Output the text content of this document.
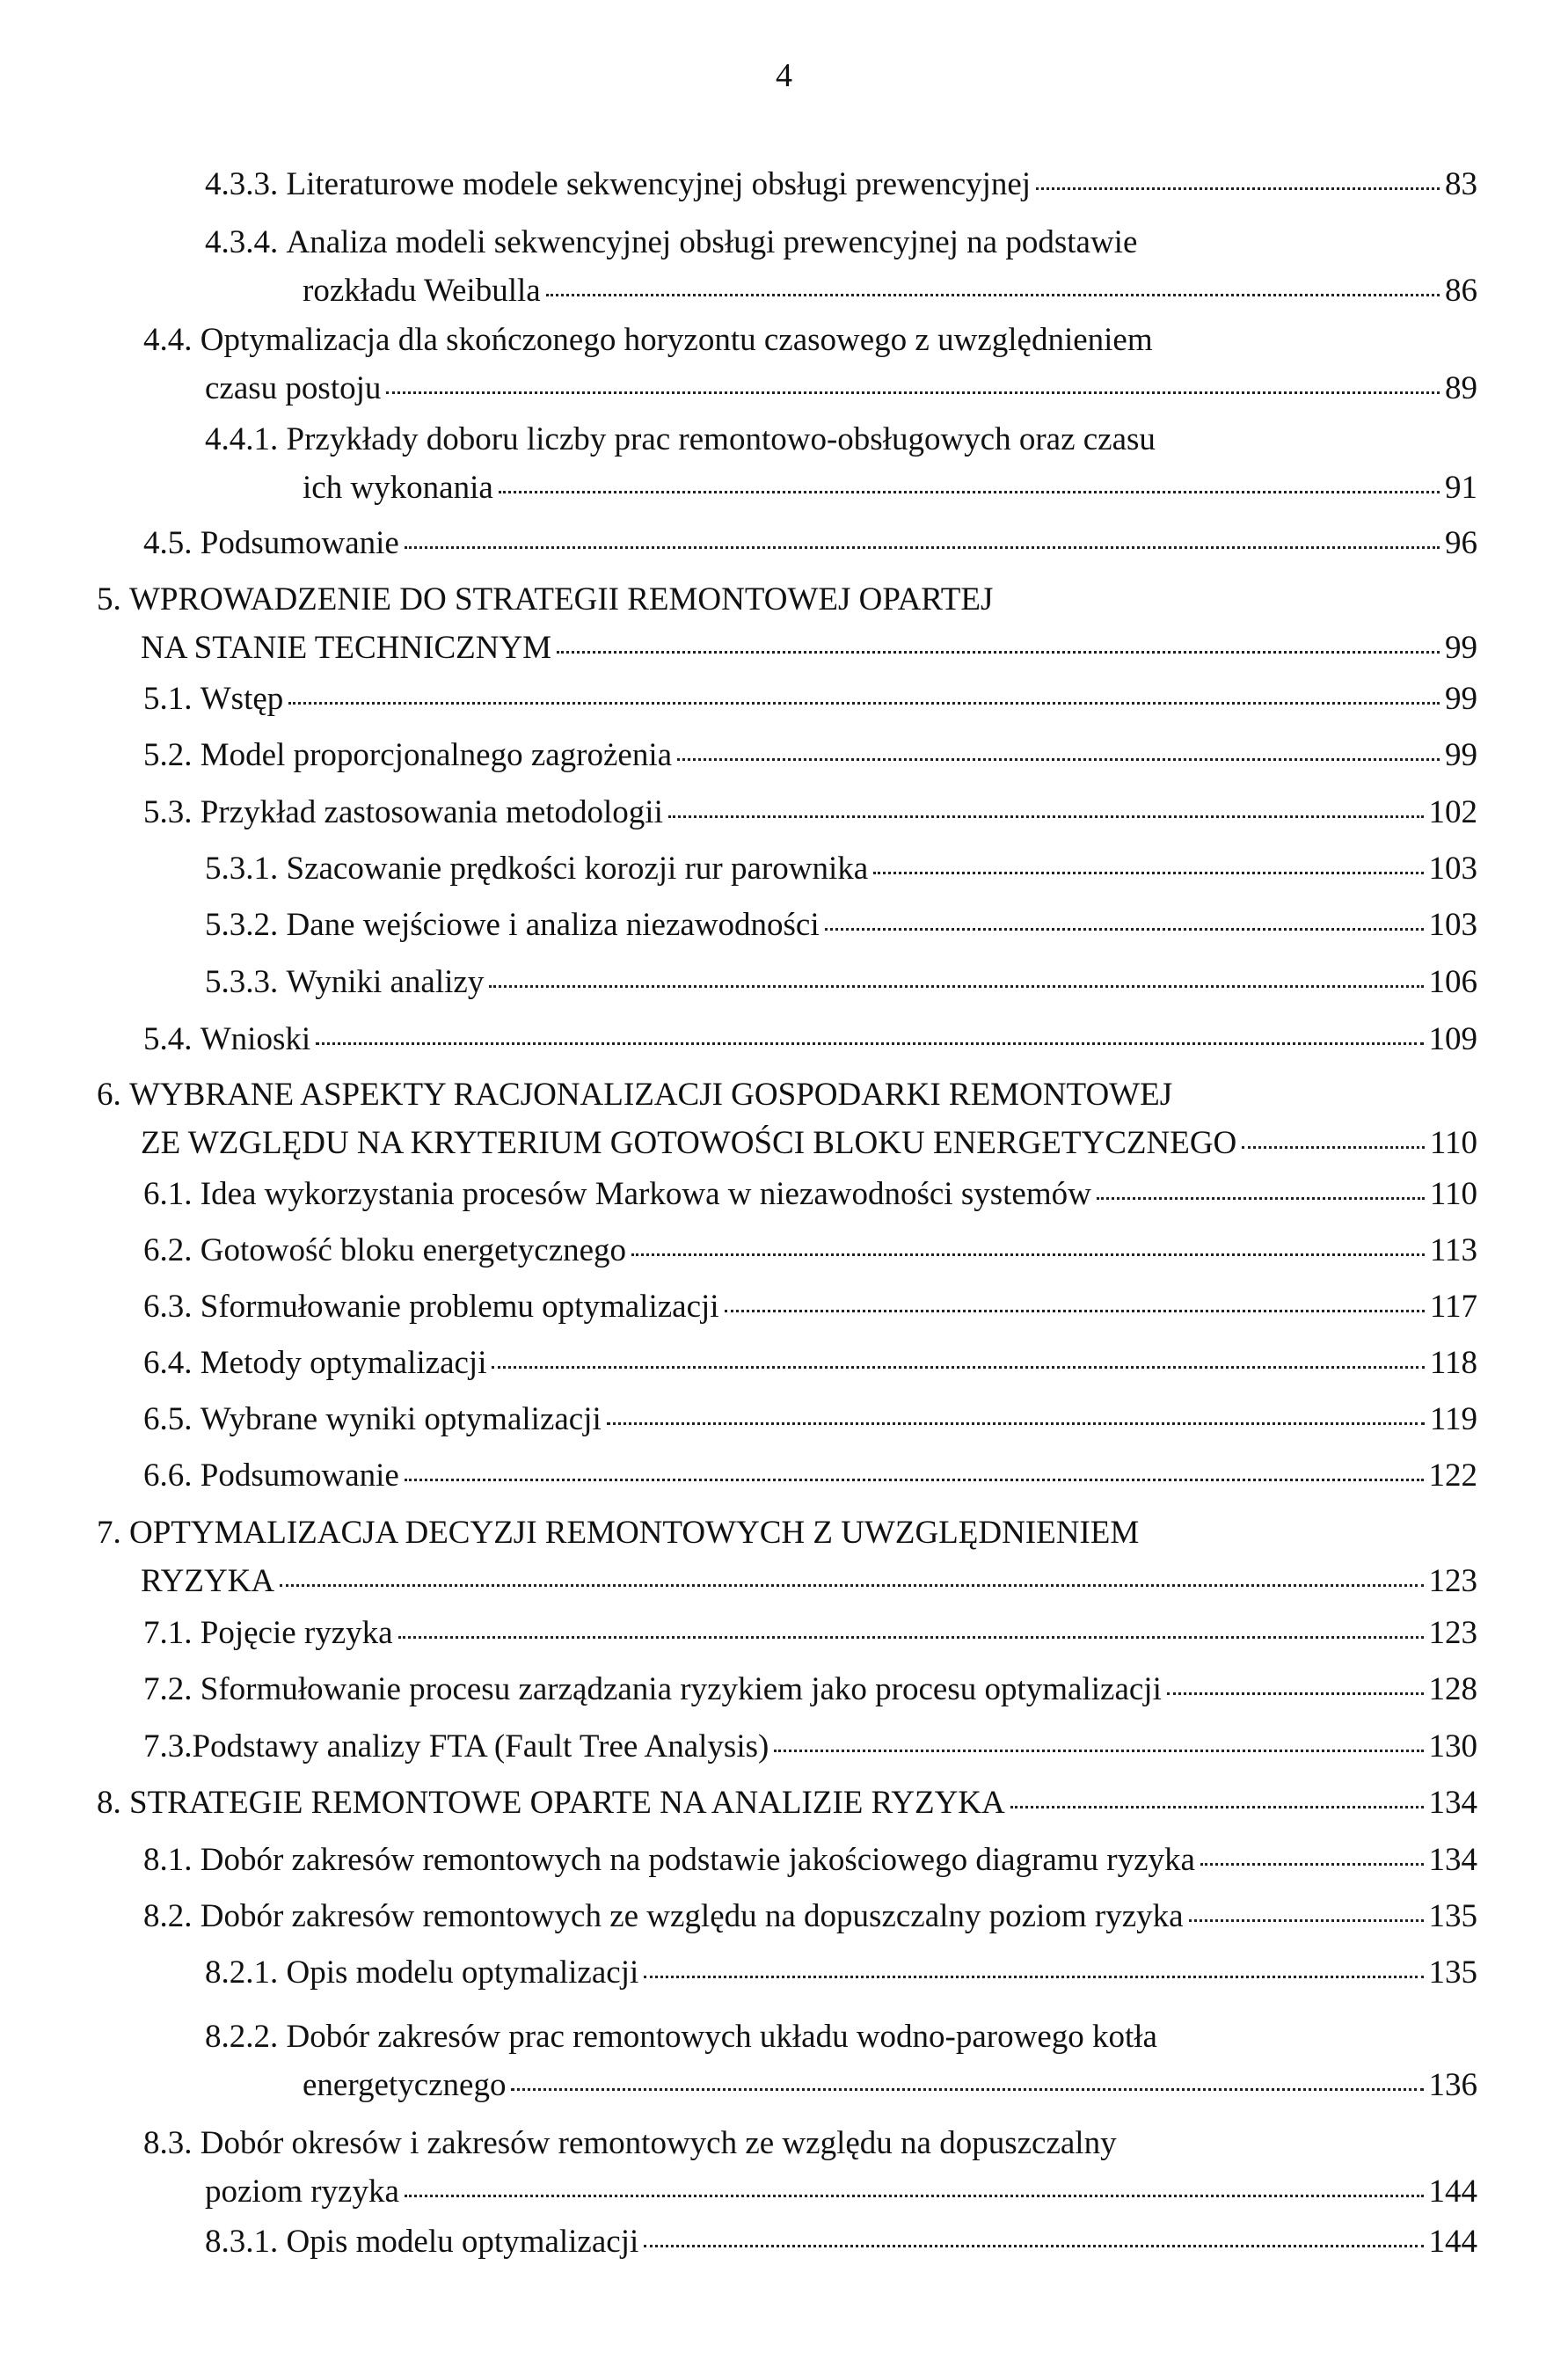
4
4.3.3.
Literaturowe modele sekwencyjnej obsługi prewencyjnej	83
4.3.4.
Analiza modeli sekwencyjnej obsługi prewencyjnej na podstawie
rozkładu Weibulla	86
4.4.
Optymalizacja dla skończonego horyzontu czasowego z uwzględnieniem
czasu postoju	89
4.4.1.
Przykłady doboru liczby prac remontowo-obsługowych oraz czasu
ich wykonania	91
4.5.
Podsumowanie	96
5.
WPROWADZENIE DO STRATEGII REMONTOWEJ OPARTEJ
NA STANIE TECHNICZNYM	99
5.1.
Wstęp	99
5.2.
Model proporcjonalnego zagrożenia	99
5.3.
Przykład zastosowania metodologii	102
5.3.1.
Szacowanie prędkości korozji rur parownika	103
5.3.2.
Dane wejściowe i analiza niezawodności	103
5.3.3.
Wyniki analizy	106
5.4.
Wnioski	109
6.
WYBRANE ASPEKTY RACJONALIZACJI GOSPODARKI REMONTOWEJ
ZE WZGLĘDU NA KRYTERIUM GOTOWOŚCI BLOKU ENERGETYCZNEGO	110
6.1.
Idea wykorzystania procesów Markowa w niezawodności systemów	110
6.2.
Gotowość bloku energetycznego	113
6.3.
Sformułowanie problemu optymalizacji	117
6.4.
Metody optymalizacji	118
6.5.
Wybrane wyniki optymalizacji	119
6.6.
Podsumowanie	122
7.
OPTYMALIZACJA DECYZJI REMONTOWYCH Z UWZGLĘDNIENIEM
RYZYKA	123
7.1.
Pojęcie ryzyka	123
7.2.
Sformułowanie procesu zarządzania ryzykiem jako procesu optymalizacji	128
7.3. Podstawy analizy FTA (Fault Tree Analysis)	130
8.
STRATEGIE REMONTOWE OPARTE NA ANALIZIE RYZYKA	134
8.1.
Dobór zakresów remontowych na podstawie jakościowego diagramu ryzyka	134
8.2.
Dobór zakresów remontowych ze względu na dopuszczalny poziom ryzyka	135
8.2.1.
Opis modelu optymalizacji	135
8.2.2.
Dobór zakresów prac remontowych układu wodno-parowego kotła
energetycznego	136
8.3.
Dobór okresów i zakresów remontowych ze względu na dopuszczalny
poziom ryzyka	144
8.3.1.
Opis modelu optymalizacji	144
